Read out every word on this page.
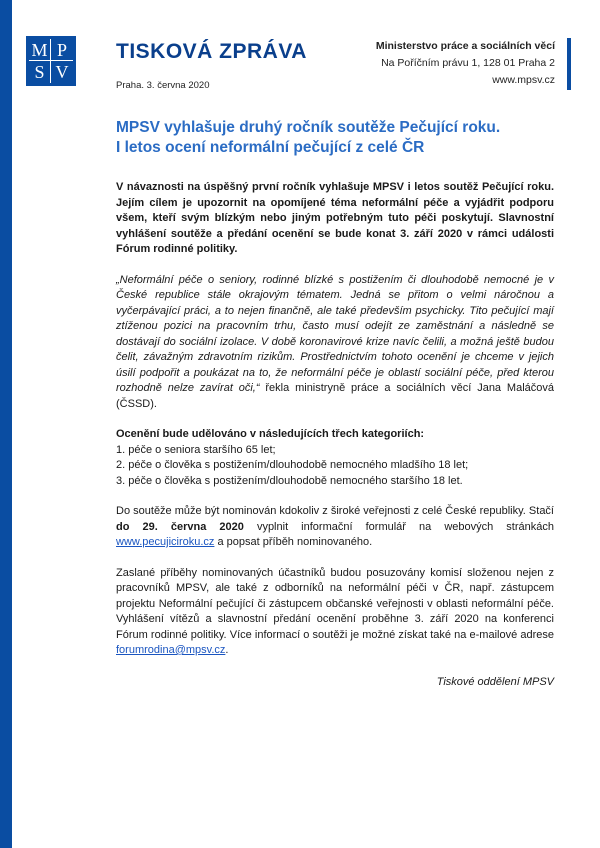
M P
S V
TISKOVÁ ZPRÁVA
Praha. 3. června 2020
Ministerstvo práce a sociálních věcí
Na Poříčním právu 1, 128 01 Praha 2
www.mpsv.cz
MPSV vyhlašuje druhý ročník soutěže Pečující roku.
I letos ocení neformální pečující z celé ČR

V návaznosti na úspěšný první ročník vyhlašuje MPSV i letos soutěž Pečující roku. Jejím cílem je upozornit na opomíjené téma neformální péče a vyjádřit podporu všem, kteří svým blízkým nebo jiným potřebným tuto péči poskytují. Slavnostní vyhlášení soutěže a předání ocenění se bude konat 3. září 2020 v rámci události Fórum rodinné politiky.

„Neformální péče o seniory, rodinné blízké s postižením či dlouhodobě nemocné je v České republice stále okrajovým tématem. Jedná se přitom o velmi náročnou a vyčerpávající práci, a to nejen finančně, ale také především psychicky. Tito pečující mají ztíženou pozici na pracovním trhu, často musí odejít ze zaměstnání a následně se dostávají do sociální izolace. V době koronavirové krize navíc čelili, a možná ještě budou čelit, závažným zdravotním rizikům. Prostřednictvím tohoto ocenění je chceme v jejich úsilí podpořit a poukázat na to, že neformální péče je oblastí sociální péče, před kterou rozhodně nelze zavírat oči,“ řekla ministryně práce a sociálních věcí Jana Maláčová (ČSSD).

Ocenění bude udělováno v následujících třech kategoriích:
1. péče o seniora staršího 65 let;
2. péče o člověka s postižením/dlouhodobě nemocného mladšího 18 let;
3. péče o člověka s postižením/dlouhodobě nemocného staršího 18 let.

Do soutěže může být nominován kdokoliv z široké veřejnosti z celé České republiky. Stačí do 29. června 2020 vyplnit informační formulář na webových stránkách www.pecujiciroku.cz a popsat příběh nominovaného.

Zaslané příběhy nominovaných účastníků budou posuzovány komisí složenou nejen z pracovníků MPSV, ale také z odborníků na neformální péči v ČR, např. zástupcem projektu Neformální pečující či zástupcem občanské veřejnosti v oblasti neformální péče. Vyhlášení vítězů a slavnostní předání ocenění proběhne 3. září 2020 na konferenci Fórum rodinné politiky. Více informací o soutěži je možné získat také na e-mailové adrese forumrodina@mpsv.cz.

Tiskové oddělení MPSV
